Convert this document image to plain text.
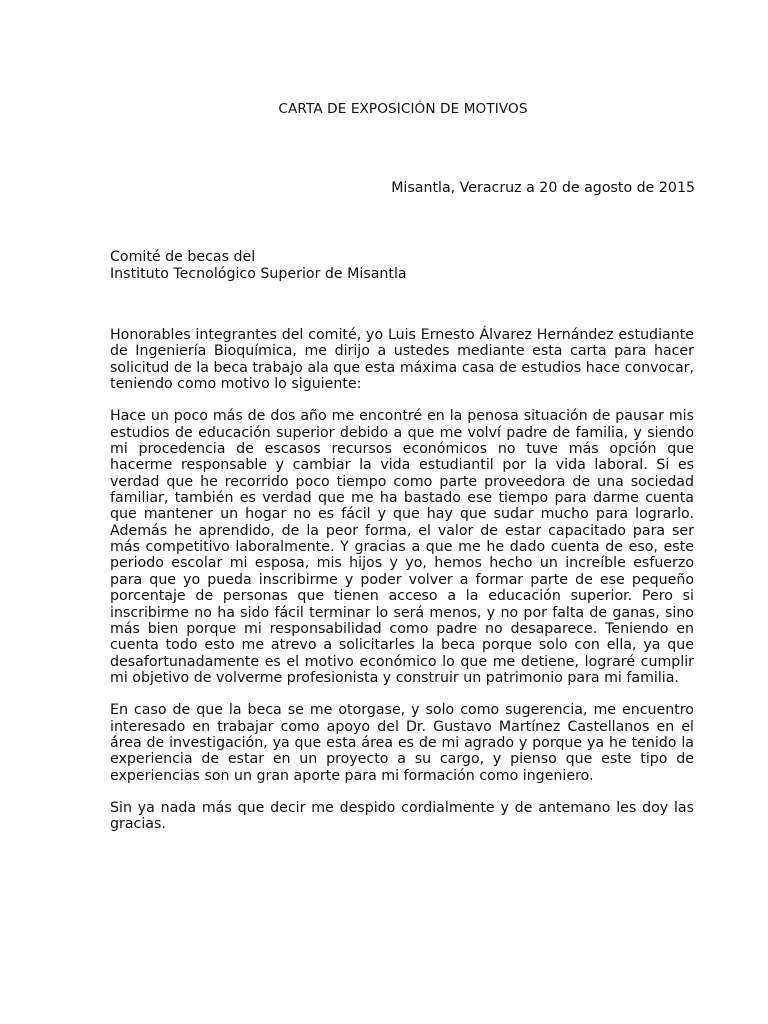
CARTA DE EXPOSICIÓN DE MOTIVOS
Misantla, Veracruz a 20 de agosto de 2015
Comité de becas del
Instituto Tecnológico Superior de Misantla

Honorables integrantes del comité, yo Luis Ernesto Álvarez Hernández estudiante de Ingeniería Bioquímica, me dirijo a ustedes mediante esta carta para hacer solicitud de la beca trabajo ala que esta máxima casa de estudios hace convocar, teniendo como motivo lo siguiente:

Hace un poco más de dos año me encontré en la penosa situación de pausar mis estudios de educación superior debido a que me volví padre de familia, y siendo mi procedencia de escasos recursos económicos no tuve más opción que hacerme responsable y cambiar la vida estudiantil por la vida laboral. Si es verdad que he recorrido poco tiempo como parte proveedora de una sociedad familiar, también es verdad que me ha bastado ese tiempo para darme cuenta que mantener un hogar no es fácil y que hay que sudar mucho para lograrlo. Además he aprendido, de la peor forma, el valor de estar capacitado para ser más competitivo laboralmente. Y gracias a que me he dado cuenta de eso, este periodo escolar mi esposa, mis hijos y yo, hemos hecho un increíble esfuerzo para que yo pueda inscribirme y poder volver a formar parte de ese pequeño porcentaje de personas que tienen acceso a la educación superior. Pero si inscribirme no ha sido fácil terminar lo será menos, y no por falta de ganas, sino más bien porque mi responsabilidad como padre no desaparece. Teniendo en cuenta todo esto me atrevo a solicitarles la beca porque solo con ella, ya que desafortunadamente es el motivo económico lo que me detiene, lograré cumplir mi objetivo de volverme profesionista y construir un patrimonio para mi familia.

En caso de que la beca se me otorgase, y solo como sugerencia, me encuentro interesado en trabajar como apoyo del Dr. Gustavo Martínez Castellanos en el área de investigación, ya que esta área es de mi agrado y porque ya he tenido la experiencia de estar en un proyecto a su cargo, y pienso que este tipo de experiencias son un gran aporte para mi formación como ingeniero.

Sin ya nada más que decir me despido cordialmente y de antemano les doy las gracias.
